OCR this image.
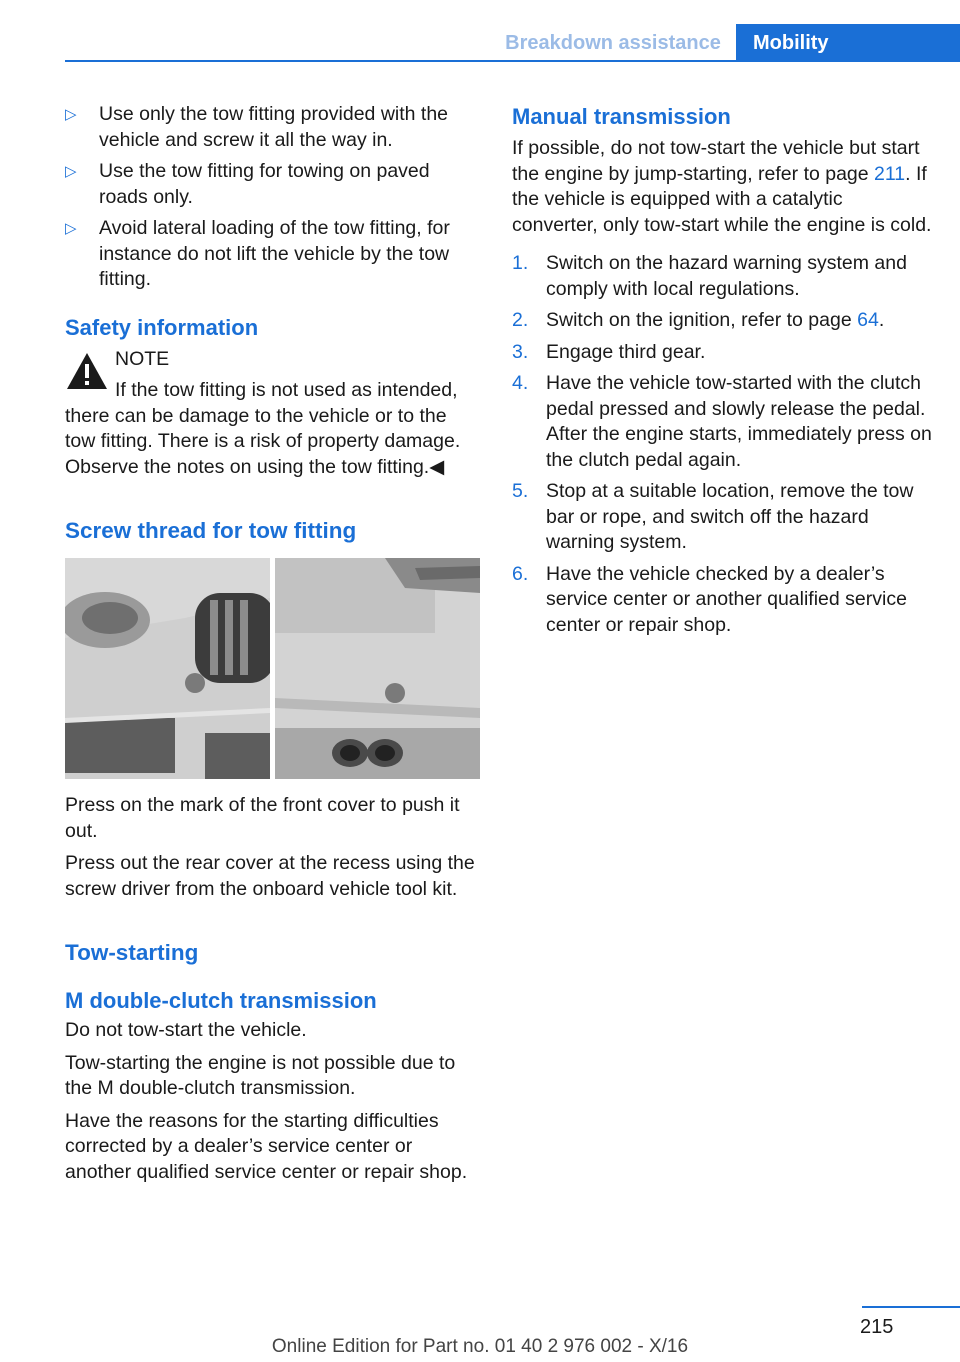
Breakdown assistance	Mobility
▷ Use only the tow fitting provided with the vehicle and screw it all the way in.
▷ Use the tow fitting for towing on paved roads only.
▷ Avoid lateral loading of the tow fitting, for instance do not lift the vehicle by the tow fitting.
Safety information
NOTE

If the tow fitting is not used as intended, there can be damage to the vehicle or to the tow fitting. There is a risk of property damage. Observe the notes on using the tow fitting.◀

Screw thread for tow fitting

Press on the mark of the front cover to push it out.

Press out the rear cover at the recess using the screw driver from the onboard vehicle tool kit.

Tow-starting
M double-clutch transmission

Do not tow-start the vehicle.

Tow-starting the engine is not possible due to the M double-clutch transmission.

Have the reasons for the starting difficulties corrected by a dealer’s service center or another qualified service center or repair shop.

Manual transmission

If possible, do not tow-start the vehicle but start the engine by jump-starting, refer to page 211. If the vehicle is equipped with a catalytic converter, only tow-start while the engine is cold.

1. Switch on the hazard warning system and comply with local regulations.
2. Switch on the ignition, refer to page 64.
3. Engage third gear.
4. Have the vehicle tow-started with the clutch pedal pressed and slowly release the pedal. After the engine starts, immediately press on the clutch pedal again.
5. Stop at a suitable location, remove the tow bar or rope, and switch off the hazard warning system.
6. Have the vehicle checked by a dealer’s service center or another qualified service center or repair shop.
215
Online Edition for Part no. 01 40 2 976 002 - X/16
